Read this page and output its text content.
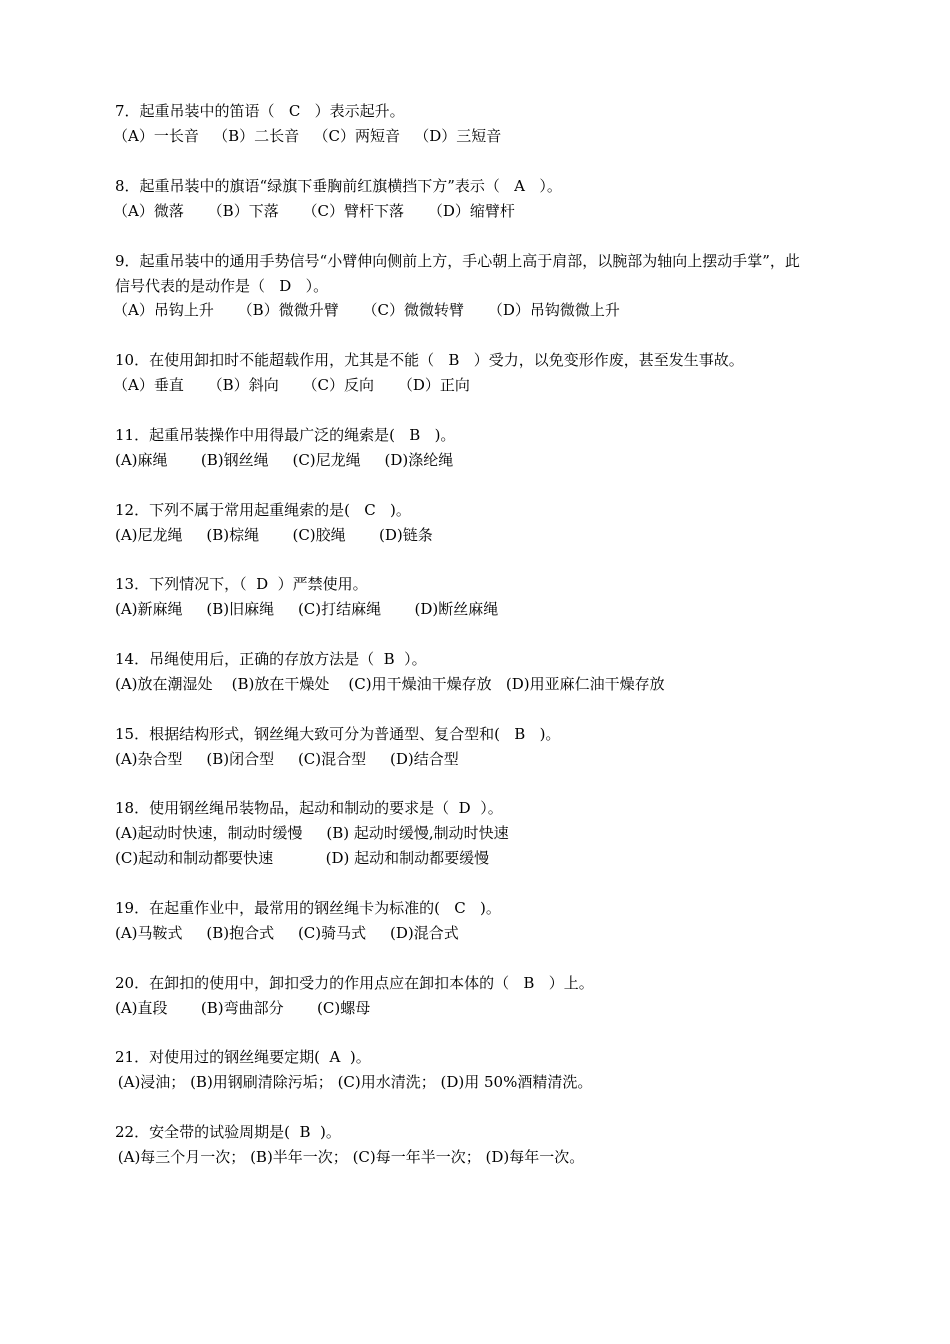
7．起重吊装中的笛语（   C   ）表示起升。
（A）一长音   （B）二长音   （C）两短音   （D）三短音
8．起重吊装中的旗语“绿旗下垂胸前红旗横挡下方”表示（   A   ）。
（A）微落     （B）下落     （C）臂杆下落     （D）缩臂杆
9．起重吊装中的通用手势信号“小臂伸向侧前上方，手心朝上高于肩部，以腕部为轴向上摆动手掌”，此
信号代表的是动作是（   D   ）。
（A）吊钩上升     （B）微微升臂     （C）微微转臂     （D）吊钩微微上升
10．在使用卸扣时不能超载作用，尤其是不能（   B   ）受力，以免变形作废，甚至发生事故。
（A）垂直     （B）斜向     （C）反向     （D）正向
11．起重吊装操作中用得最广泛的绳索是(   B   )。
(A)麻绳       (B)钢丝绳     (C)尼龙绳     (D)涤纶绳
12．下列不属于常用起重绳索的是(   C   )。
(A)尼龙绳     (B)棕绳       (C)胶绳       (D)链条
13．下列情况下，（  D  ）严禁使用。
(A)新麻绳     (B)旧麻绳     (C)打结麻绳       (D)断丝麻绳
14．吊绳使用后，正确的存放方法是（  B  ）。
(A)放在潮湿处    (B)放在干燥处    (C)用干燥油干燥存放   (D)用亚麻仁油干燥存放
15．根据结构形式，钢丝绳大致可分为普通型、复合型和(   B   )。
(A)杂合型     (B)闭合型     (C)混合型     (D)结合型
18．使用钢丝绳吊装物品，起动和制动的要求是（  D  ）。
(A)起动时快速，制动时缓慢     (B) 起动时缓慢,制动时快速
(C)起动和制动都要快速           (D) 起动和制动都要缓慢
19．在起重作业中，最常用的钢丝绳卡为标准的(   C   )。
(A)马鞍式     (B)抱合式     (C)骑马式     (D)混合式
20．在卸扣的使用中，卸扣受力的作用点应在卸扣本体的（   B   ）上。
(A)直段       (B)弯曲部分       (C)螺母
21．对使用过的钢丝绳要定期(  A  )。
(A)浸油； (B)用钢刷清除污垢； (C)用水清洗； (D)用 50%酒精清洗。
22．安全带的试验周期是(  B  )。
(A)每三个月一次； (B)半年一次； (C)每一年半一次； (D)每年一次。
